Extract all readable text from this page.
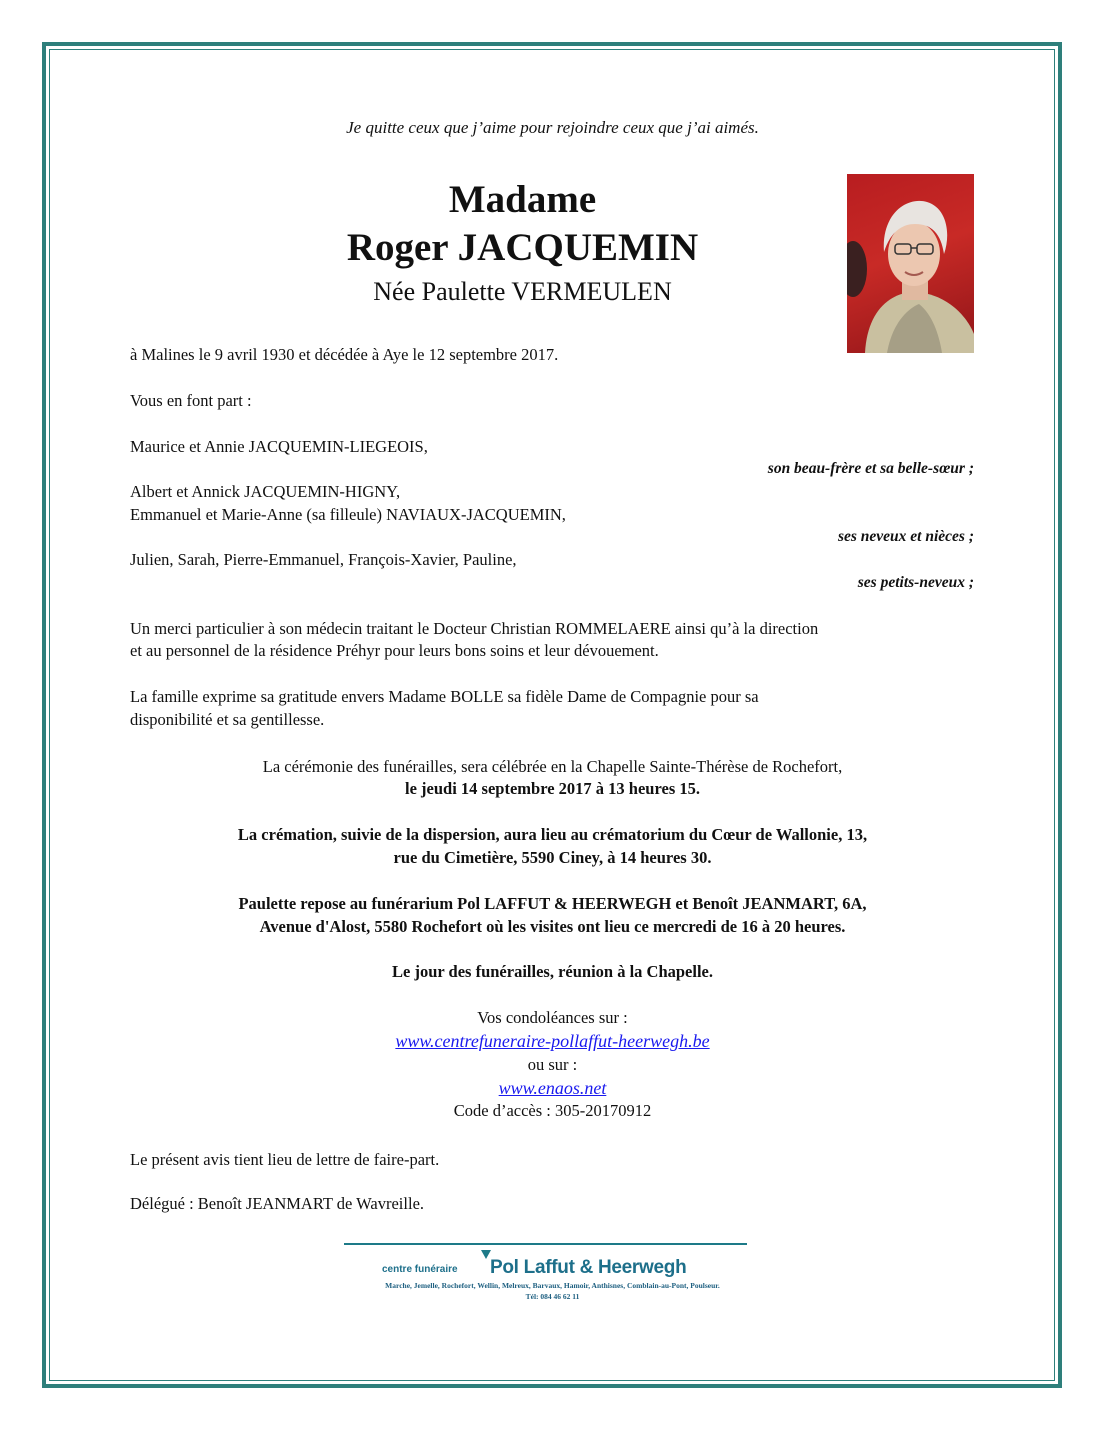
Je quitte ceux que j’aime pour rejoindre ceux que j’ai aimés.
Madame
Roger JACQUEMIN
Née Paulette VERMEULEN
à Malines le 9 avril 1930 et décédée à Aye le 12 septembre 2017.
Vous en font part :
Maurice et Annie JACQUEMIN-LIEGEOIS,
son beau-frère et sa belle-sœur ;
Albert et Annick JACQUEMIN-HIGNY,
Emmanuel et Marie-Anne (sa filleule) NAVIAUX-JACQUEMIN,
ses neveux et nièces ;
Julien, Sarah, Pierre-Emmanuel, François-Xavier, Pauline,
ses petits-neveux ;
Un merci particulier à son médecin traitant le Docteur Christian ROMMELAERE ainsi qu’à la direction
et au personnel de la résidence Préhyr pour leurs bons soins et leur dévouement.
La famille exprime sa gratitude envers Madame BOLLE sa fidèle Dame de Compagnie pour sa
disponibilité et sa gentillesse.
La cérémonie des funérailles, sera célébrée en la Chapelle Sainte-Thérèse de Rochefort,
le jeudi 14 septembre 2017 à 13 heures 15.
La crémation, suivie de la dispersion, aura lieu au crématorium du Cœur de Wallonie, 13,
rue du Cimetière, 5590 Ciney, à 14 heures 30.
Paulette repose au funérarium Pol LAFFUT & HEERWEGH et Benoît JEANMART, 6A,
Avenue d'Alost, 5580 Rochefort où les visites ont lieu ce mercredi de 16 à 20 heures.
Le jour des funérailles, réunion à la Chapelle.
Vos condoléances sur :
www.centrefuneraire-pollaffut-heerwegh.be
ou sur :
www.enaos.net
Code d’accès : 305-20170912
Le présent avis tient lieu de lettre de faire-part.
Délégué : Benoît JEANMART de Wavreille.
centre funéraire Pol Laffut & Heerwegh
Marche, Jemelle, Rochefort, Wellin, Melreux, Barvaux, Hamoir, Anthisnes, Comblain-au-Pont, Poulseur.
Tél: 084 46 62 11
